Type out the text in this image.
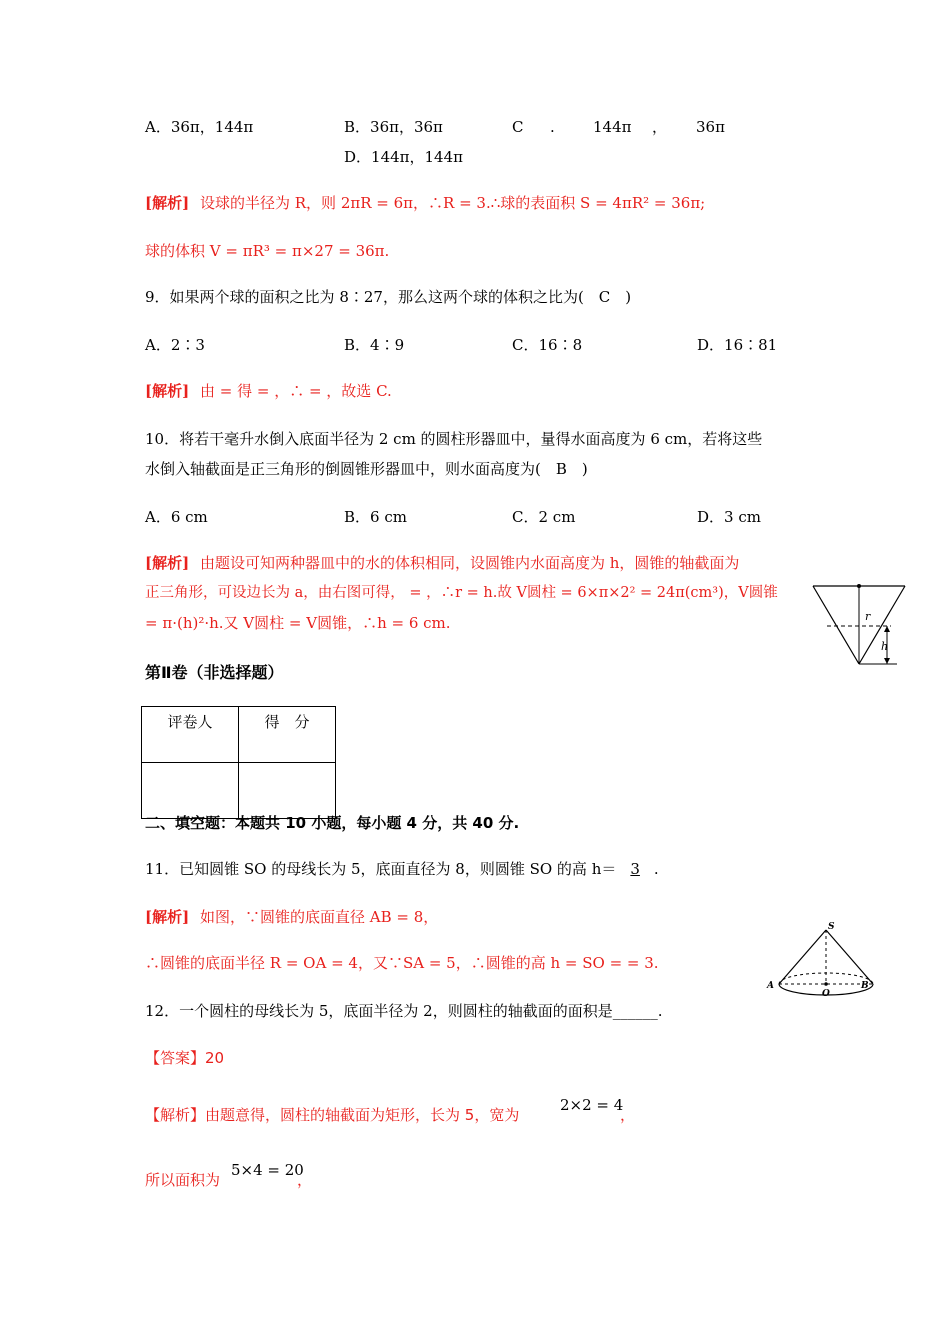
A．36π，144π	B．36π，36π	C .	144π ， 36π
D．144π，144π
[解析] 设球的半径为 R，则 2πR = 6π，∴R = 3.∴球的表面积 S = 4πR² = 36π;
球的体积 V = πR³ = π×27 = 36π.
9．如果两个球的面积之比为 8∶27，那么这两个球的体积之比为(　C　)
A．2∶3	B．4∶9	C．16∶8	D．16∶81
[解析] 由 = 得 = ，∴ = ，故选 C.
10．将若干毫升水倒入底面半径为 2 cm 的圆柱形器皿中，量得水面高度为 6 cm，若将这些
水倒入轴截面是正三角形的倒圆锥形器皿中，则水面高度为(　B　)
A．6 cm	B．6 cm	C．2 cm	D．3 cm
[解析] 由题设可知两种器皿中的水的体积相同，设圆锥内水面高度为 h，圆锥的轴截面为
正三角形，可设边长为 a，由右图可得， = ，∴r = h.故 V圆柱 = 6×π×2² = 24π(cm³)，V圆锥
= π·(h)²·h.又 V圆柱 = V圆锥，∴h = 6 cm.	r
h
第Ⅱ卷（非选择题）
评卷人	得　分

二、填空题：本题共 10 小题，每小题 4 分，共 40 分.
11．已知圆锥 SO 的母线长为 5，底面直径为 8，则圆锥 SO 的高 h＝ 3 .
[解析] 如图，∵圆锥的底面直径 AB = 8，
∴圆锥的底面半径 R = OA = 4，又∵SA = 5，∴圆锥的高 h = SO = = 3.
S
A	B
O
12．一个圆柱的母线长为 5，底面半径为 2，则圆柱的轴截面的面积是______.
【答案】20
【解析】由题意得，圆柱的轴截面为矩形，长为 5，宽为
2×2 = 4
，
所以面积为
5×4 = 20
，
